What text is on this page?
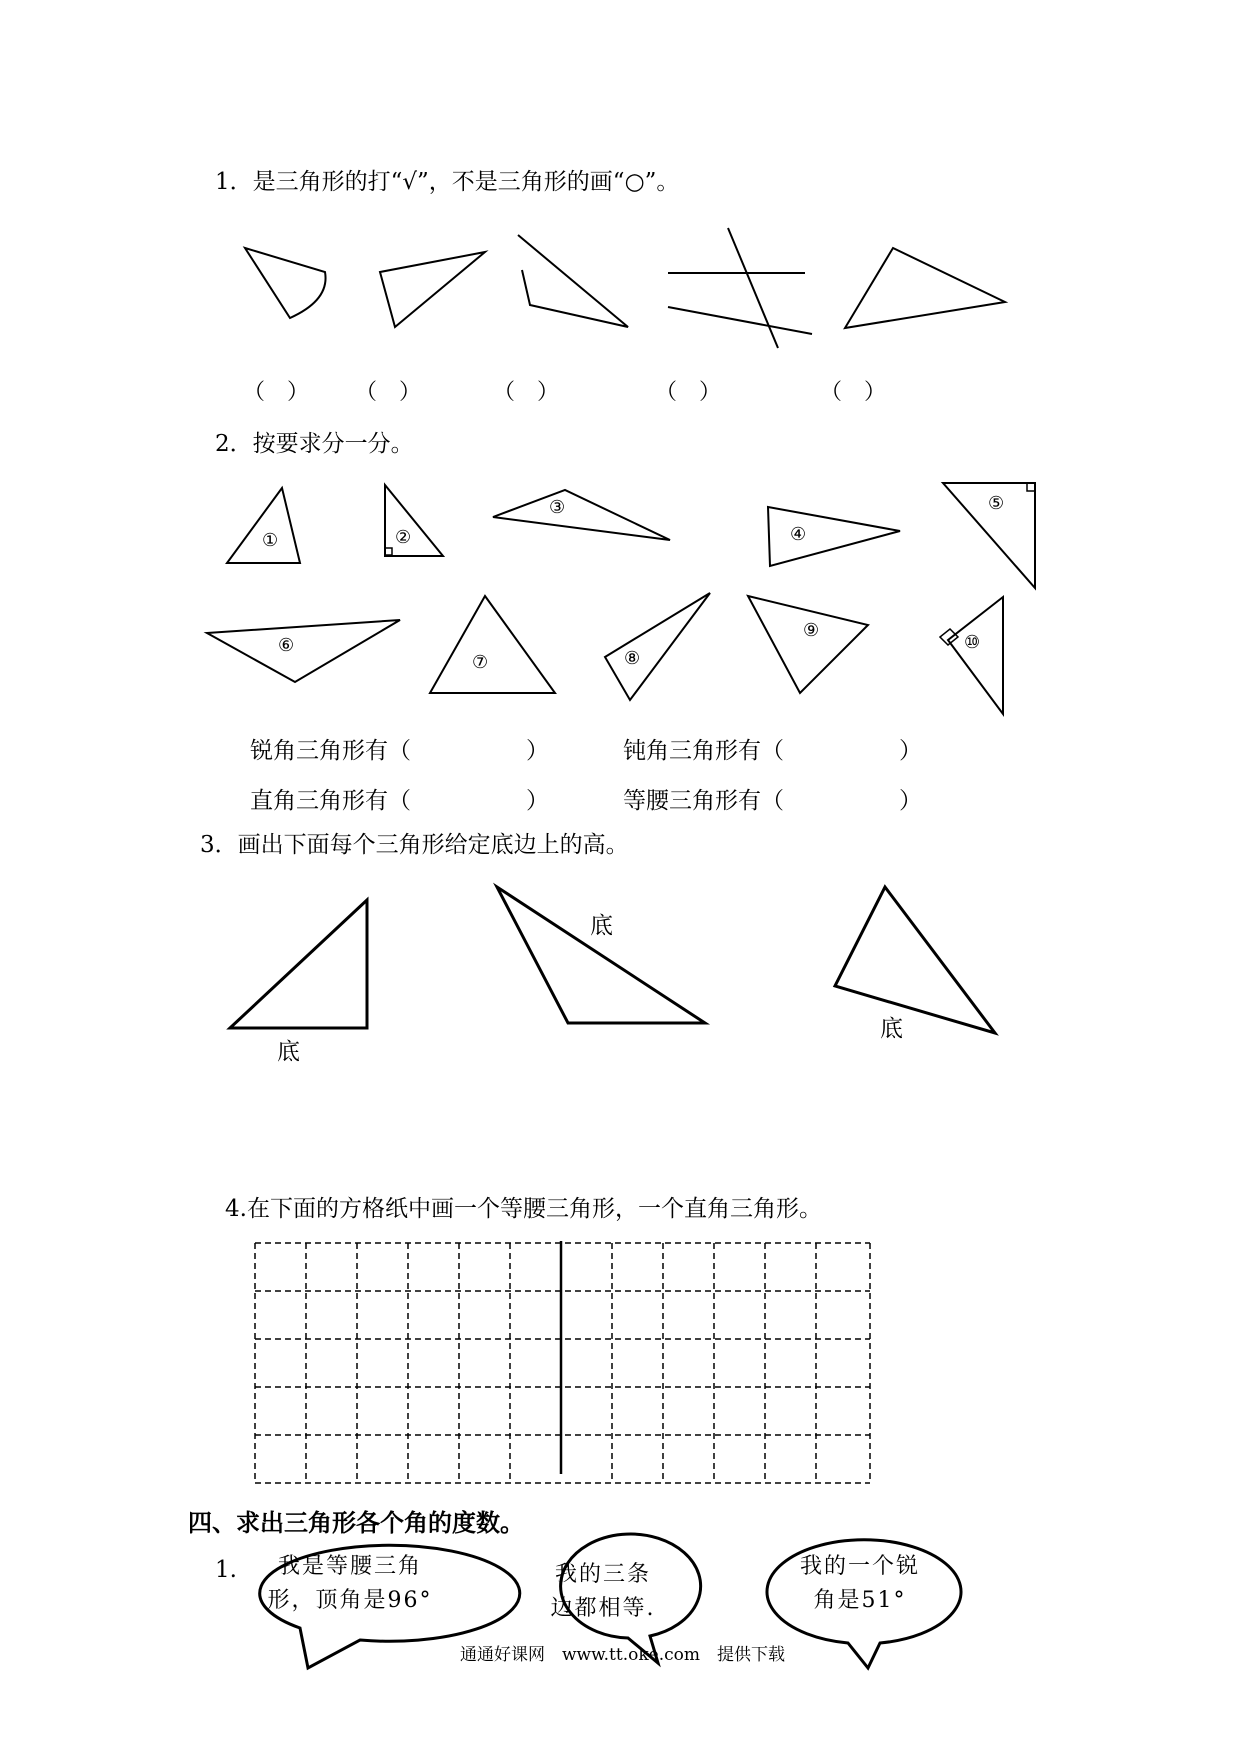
1．是三角形的打“√”，不是三角形的画“○”。
（　） （　）	（　）	（　）	（　）
2．按要求分一分。
①	②
③
④
⑤
⑥
⑦	⑧
⑨
⑩
锐角三角形有（　　　　　）	钝角三角形有（　　　　　）
直角三角形有（　　　　　）	等腰三角形有（　　　　　）
3．画出下面每个三角形给定底边上的高。
底
底
底
4.在下面的方格纸中画一个等腰三角形，一个直角三角形。
四、求出三角形各个角的度数。
1.	我是等腰三角
形，顶角是96°
我的三条
边都相等.
我的一个锐
角是51°
通通好课网　www.tt.oke.com　提供下载
